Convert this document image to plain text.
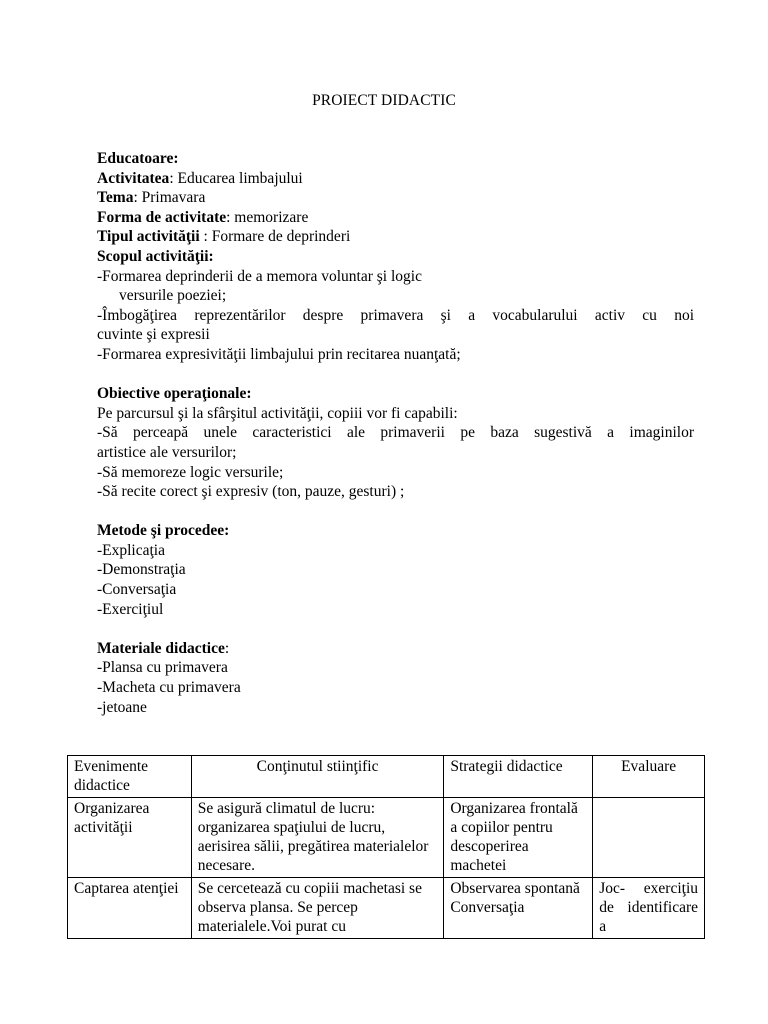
PROIECT DIDACTIC
Educatoare:
Activitatea: Educarea limbajului
Tema: Primavara
Forma de activitate: memorizare
Tipul activităţii : Formare de deprinderi
Scopul activităţii:
-Formarea deprinderii de a memora voluntar şi logic
versurile poeziei;
-Îmbogăţirea reprezentărilor despre primavera şi a vocabularului activ cu noi
cuvinte şi expresii
-Formarea expresivităţii limbajului prin recitarea nuanţată;
Obiective operaţionale:
Pe parcursul şi la sfârşitul activităţii, copiii vor fi capabili:
-Să perceapă unele caracteristici ale primaverii pe baza sugestivă a imaginilor
artistice ale versurilor;
-Să memoreze logic versurile;
-Să recite corect şi expresiv (ton, pauze, gesturi) ;
Metode şi procedee:
-Explicaţia
-Demonstraţia
-Conversaţia
-Exerciţiul
Materiale didactice:
-Plansa cu primavera
-Macheta cu primavera
-jetoane
Evenimente didactice	Conţinutul stiinţific	Strategii didactice	Evaluare
Organizarea activităţii	Se asigură climatul de lucru: organizarea spaţiului de lucru, aerisirea sălii, pregătirea materialelor necesare.	Organizarea frontală a copiilor pentru descoperirea machetei	
Captarea atenţiei	Se cercetează cu copiii machetasi se observa plansa. Se percep materialele.Voi purat cu	Observarea spontană Conversaţia	Joc- exerciţiu de identificare a
